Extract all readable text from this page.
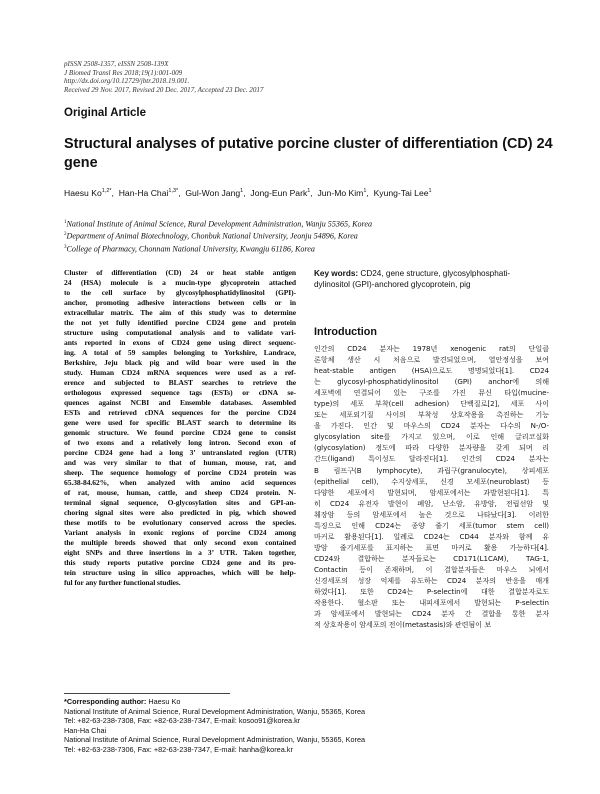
pISSN 2508-1357, eISSN 2508-139X
J Biomed Transl Res 2018;19(1):001-009
http://dx.doi.org/10.12729/jbtr.2018.19.001.
Received 29 Nov. 2017, Revised 20 Dec. 2017, Accepted 23 Dec. 2017
Original Article
Structural analyses of putative porcine cluster of differentiation (CD) 24 gene
Haesu $Ko^{1,2*}$,  Han-Ha Chai$^{1,3*}$,  Gul-Won Jang$^1$,  Jong-Eun Park$^1$,  Jun-Mo Kim$^1$,  Kyung-Tai Lee$^1$
$^1$National Institute of Animal Science, Rural Development Administration, Wanju 55365, Korea
$^2$Department of Animal Biotechnology, Chonbuk National University, Jeonju 54896, Korea
$^3$College of Pharmacy, Chonnam National University, Kwangju 61186, Korea
Cluster of differentiation (CD) 24 or heat stable antigen
24 (HSA) molecule is a mucin-type glycoprotein attached
to the cell surface by glycosylphosphatidylinositol (GPI)-
anchor, promoting adhesive interactions between cells or in
extracellular matrix. The aim of this study was to determine
the not yet fully identified porcine CD24 gene and protein
structure using computational analysis and to validate vari-
ants reported in exons of CD24 gene using direct sequenc-
ing. A total of 59 samples belonging to Yorkshire, Landrace,
Berkshire, Jeju black pig and wild boar were used in the
study. Human CD24 mRNA sequences were used as a ref-
erence and subjected to BLAST searches to retrieve the
orthologous expressed sequence tags (ESTs) or cDNA se-
quences against NCBI and Ensemble databases. Assembled
ESTs and retrieved cDNA sequences for the porcine CD24
gene were used for specific BLAST search to determine its
genomic structure. We found porcine CD24 gene to consist
of two exons and a relatively long intron. Second exon of
porcine CD24 gene had a long 3’ untranslated region (UTR)
and was very similar to that of human, mouse, rat, and
sheep. The sequence homology of porcine CD24 protein was
65.38-84.62%, when analyzed with amino acid sequences
of rat, mouse, human, cattle, and sheep CD24 protein. N-
terminal signal sequence, O-glycosylation sites and GPI-an-
choring signal sites were also predicted in pig, which showed
these motifs to be evolutionary conserved across the species.
Variant analysis in exonic regions of porcine CD24 among
the multiple breeds showed that only second exon contained
eight SNPs and three insertions in a 3’ UTR. Taken together,
this study reports putative porcine CD24 gene and its pro-
tein structure using in silico approaches, which will be help-
ful for any further functional studies.
Key words: CD24, gene structure, glycosylphosphati-
dylinositol (GPI)-anchored glycoprotein, pig
Introduction
인간의 CD24 분자는 1978년 xenogenic rat의 단일클
론항체 생산 시 처음으로 발견되었으며, 열안정성을 보여
heat-stable antigen (HSA)으로도 명명되었다[1]. CD24
는 glycosyl-phosphatidylinositol (GPI) anchor에 의해
세포벽에 연결되어 있는 구조를 가진 뮤신 타입(mucine-
type)의 세포 부착(cell adhesion) 단백질로[2], 세포 사이
또는 세포외기질 사이의 부착성 상호작용을 촉진하는 기능
을 가진다. 인간 및 마우스의 CD24 분자는 다수의 N-/O-
glycosylation site를 가지고 있으며, 이로 인해 글리코실화
(glycosylation) 정도에 따라 다양한 분자량을 갖게 되며 리
간드(ligand) 특이성도 달라진다[1]. 인간의 CD24 분자는
B 림프구(B lymphocyte), 과립구(granulocyte), 상피세포
(epithelial cell), 수지상세포, 신경 모세포(neuroblast) 등
다양한 세포에서 발현되며, 암세포에서는 과발현된다[1]. 특
히 CD24 유전자 발현이 폐암, 난소암, 유방암, 전립선암 및
췌장암 등의 암세포에서 높은 것으로 나타났다[3]. 이러한
특징으로 인해 CD24는 종양 줄기 세포(tumor stem cell)
마커로 활용된다[1]. 일례로 CD24는 CD44 분자와 함께 유
방암 줄기세포를 표지하는 표면 마커로 활용 가능하다[4].
CD24와 결합하는 분자들로는 CD171(L1CAM), TAG-1,
Contactin 등이 존재하며, 이 결합분자들은 마우스 뇌에서
신경세포의 성장 억제를 유도하는 CD24 분자의 반응을 매개
하였다[1]. 또한 CD24는 P-selectin에 대한 결합분자로도
작용한다. 혈소판 또는 내피세포에서 발현되는 P-selectin
과 암세포에서 발현되는 CD24 분자 간 결합을 통한 분자
적 상호작용이 암세포의 전이(metastasis)와 관련됨이 보
*Corresponding author: Haesu Ko
National Institute of Animal Science, Rural Development Administration, Wanju, 55365, Korea
Tel: +82-63-238-7308, Fax: +82-63-238-7347, E-mail: kosoo91@korea.kr
Han-Ha Chai
National Institute of Animal Science, Rural Development Administration, Wanju, 55365, Korea
Tel: +82-63-238-7306, Fax: +82-63-238-7347, E-mail: hanha@korea.kr
